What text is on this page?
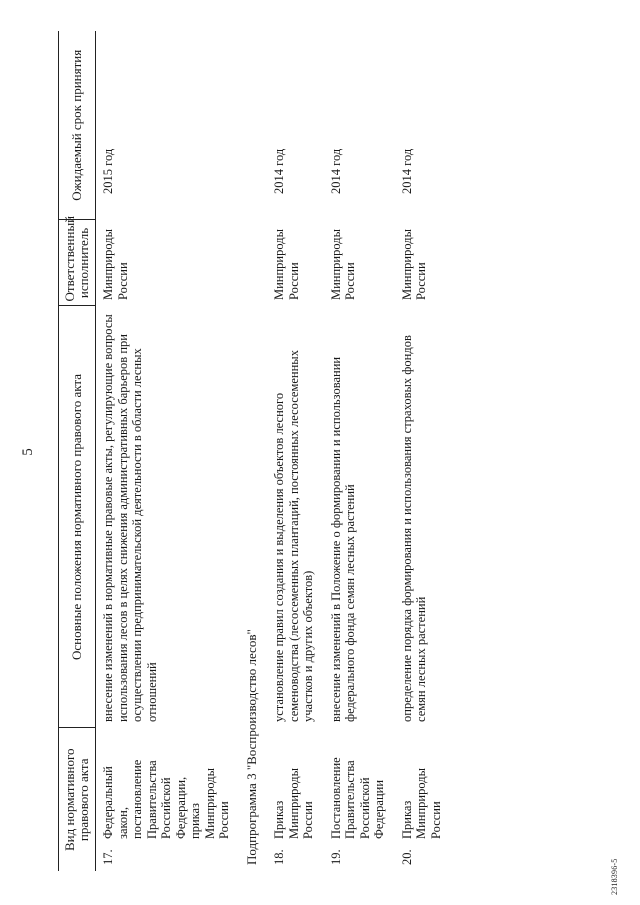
5
Вид нормативного правового акта	Основные положения нормативного правового акта	Ответственный исполнитель	Ожидаемый срок принятия
17.Федеральный закон, постановление Правительства Российской Федерации, приказ Минприроды России	внесение изменений в нормативные правовые акты, регулирующие вопросы использования лесов в целях снижения административных барьеров при осуществлении предпринимательской деятельности в области лесных отношений	Минприроды России	2015 год
Подпрограмма 3 "Воспроизводство лесов"			
18.Приказ Минприроды России	установление правил создания и выделения объектов лесного семеноводства (лесосеменных плантаций, постоянных лесосеменных участков и других объектов)	Минприроды России	2014 год
19.Постановление Правительства Российской Федерации	внесение изменений в Положение о формировании и использовании федерального фонда семян лесных растений	Минприроды России	2014 год
20.Приказ Минприроды России	определение порядка формирования и использования страховых фондов семян лесных растений	Минприроды России	2014 год
2318396-5
